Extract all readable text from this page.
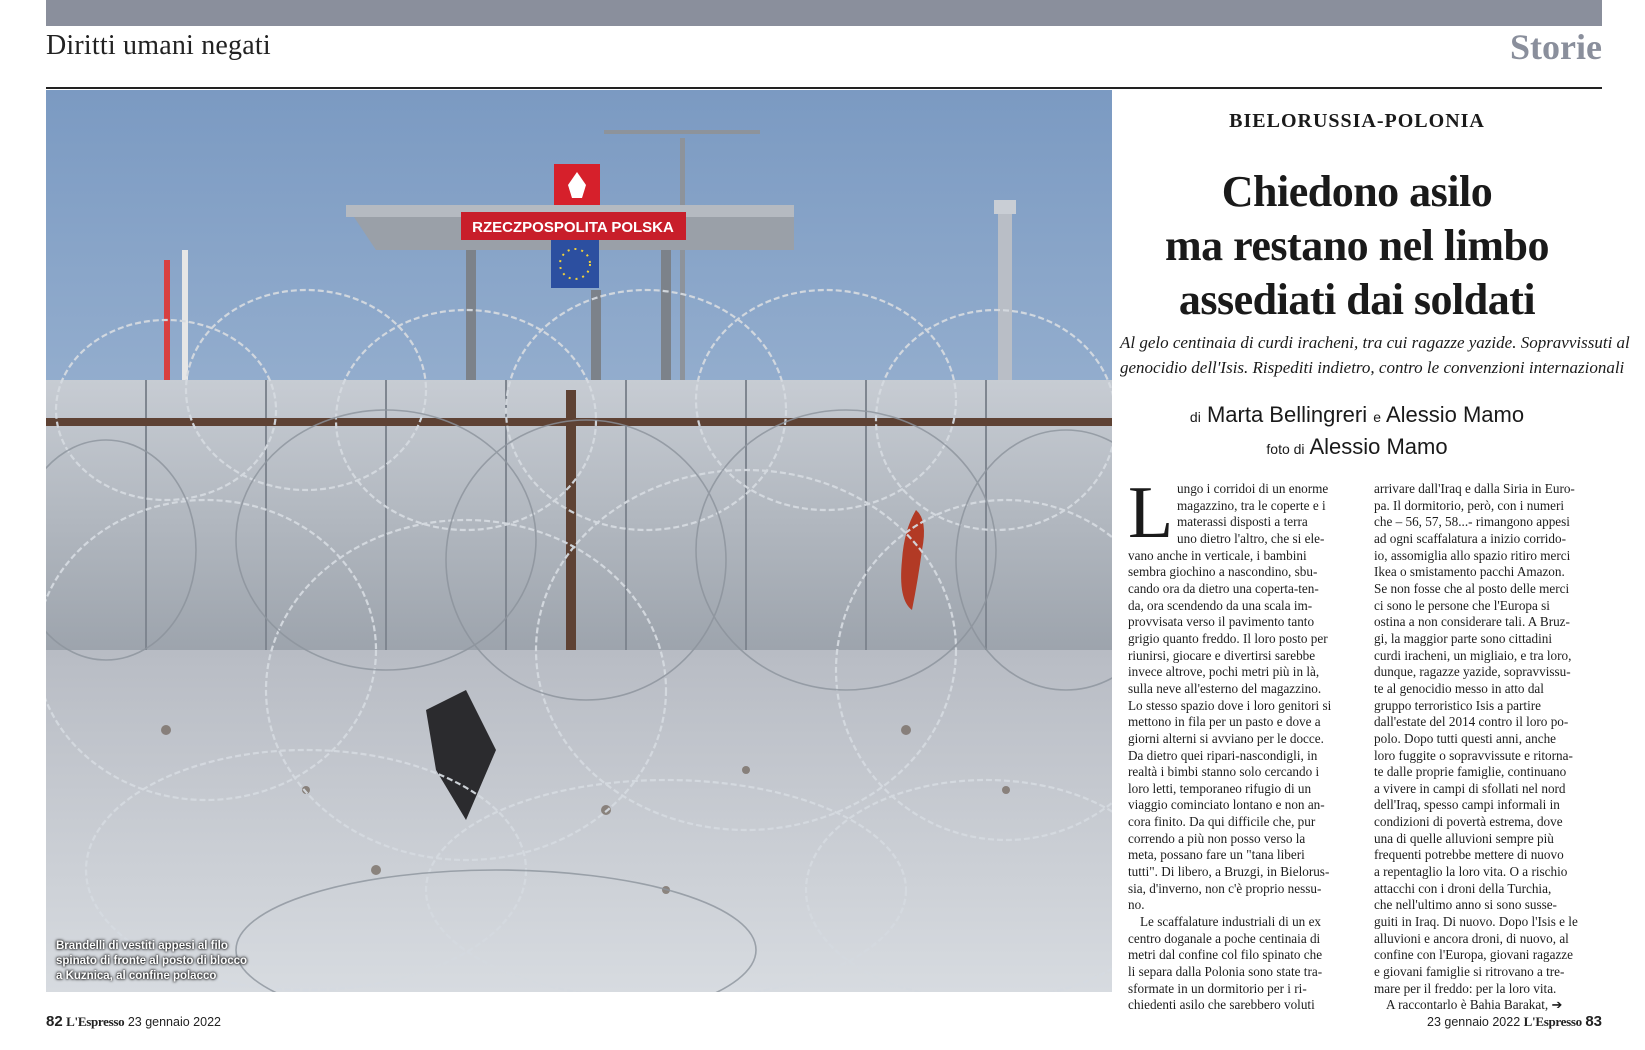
Diritti umani negati	Storie
RZECZPOSPOLITA POLSKA
Brandelli di vestiti appesi al filo
spinato di fronte al posto di blocco
a Kuznica, al confine polacco
BIELORUSSIA-POLONIA
Chiedono asilo
ma restano nel limbo
assediati dai soldati
Al gelo centinaia di curdi iracheni, tra cui ragazze yazide. Sopravvissuti al
genocidio dell'Isis. Rispediti indietro, contro le convenzioni internazionali
di Marta Bellingreri e Alessio Mamo
foto di Alessio Mamo
L ungo i corridoi di un enorme
magazzino, tra le coperte e i
materassi disposti a terra
uno dietro l'altro, che si ele-
vano anche in verticale, i bambini
sembra giochino a nascondino, sbu-
cando ora da dietro una coperta-ten-
da, ora scendendo da una scala im-
provvisata verso il pavimento tanto
grigio quanto freddo. Il loro posto per
riunirsi, giocare e divertirsi sarebbe
invece altrove, pochi metri più in là,
sulla neve all'esterno del magazzino.
Lo stesso spazio dove i loro genitori si
mettono in fila per un pasto e dove a
giorni alterni si avviano per le docce.
Da dietro quei ripari-nascondigli, in
realtà i bimbi stanno solo cercando i
loro letti, temporaneo rifugio di un
viaggio cominciato lontano e non an-
cora finito. Da qui difficile che, pur
correndo a più non posso verso la
meta, possano fare un "tana liberi
tutti". Di libero, a Bruzgi, in Bielorus-
sia, d'inverno, non c'è proprio nessu-
no.
Le scaffalature industriali di un ex
centro doganale a poche centinaia di
metri dal confine col filo spinato che
li separa dalla Polonia sono state tra-
sformate in un dormitorio per i ri-
chiedenti asilo che sarebbero voluti
arrivare dall'Iraq e dalla Siria in Euro-
pa. Il dormitorio, però, con i numeri
che – 56, 57, 58...- rimangono appesi
ad ogni scaffalatura a inizio corrido-
io, assomiglia allo spazio ritiro merci
Ikea o smistamento pacchi Amazon.
Se non fosse che al posto delle merci
ci sono le persone che l'Europa si
ostina a non considerare tali. A Bruz-
gi, la maggior parte sono cittadini
curdi iracheni, un migliaio, e tra loro,
dunque, ragazze yazide, sopravvissu-
te al genocidio messo in atto dal
gruppo terroristico Isis a partire
dall'estate del 2014 contro il loro po-
polo. Dopo tutti questi anni, anche
loro fuggite o sopravvissute e ritorna-
te dalle proprie famiglie, continuano
a vivere in campi di sfollati nel nord
dell'Iraq, spesso campi informali in
condizioni di povertà estrema, dove
una di quelle alluvioni sempre più
frequenti potrebbe mettere di nuovo
a repentaglio la loro vita. O a rischio
attacchi con i droni della Turchia,
che nell'ultimo anno si sono susse-
guiti in Iraq. Di nuovo. Dopo l'Isis e le
alluvioni e ancora droni, di nuovo, al
confine con l'Europa, giovani ragazze
e giovani famiglie si ritrovano a tre-
mare per il freddo: per la loro vita.
A raccontarlo è Bahia Barakat, ➔
82 L'Espresso 23 gennaio 2022	23 gennaio 2022 L'Espresso 83
